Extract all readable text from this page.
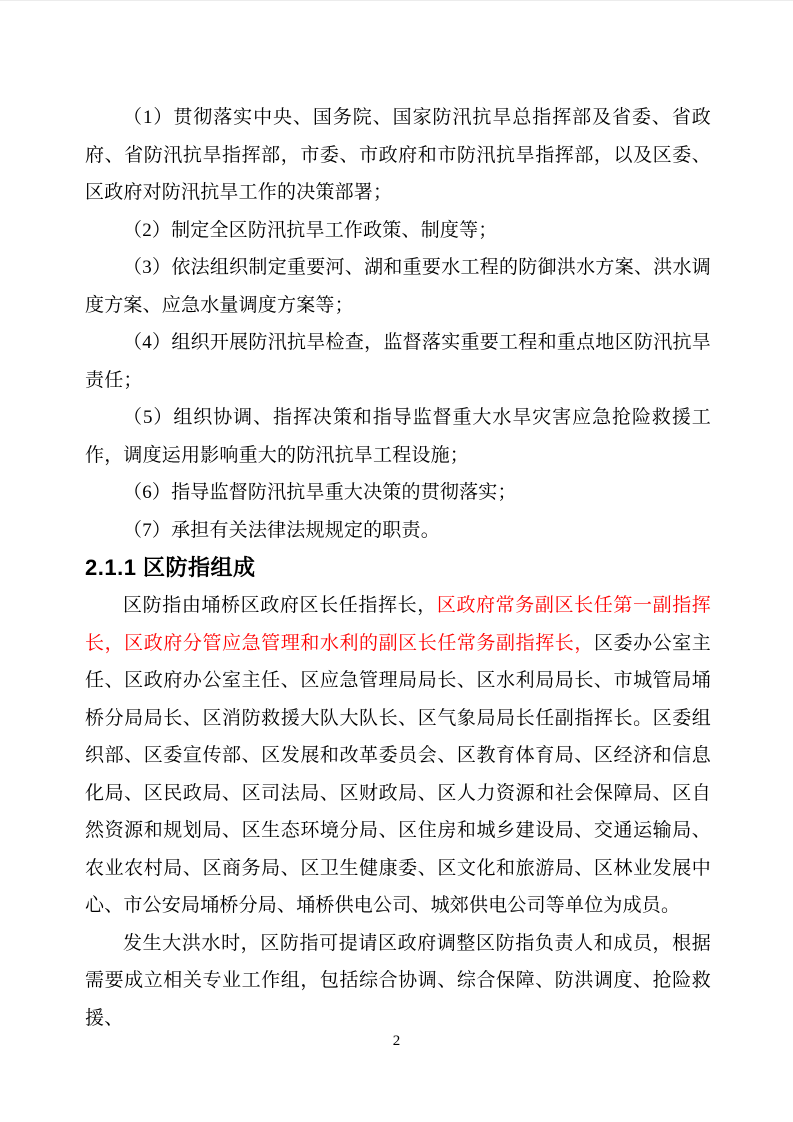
（1）贯彻落实中央、国务院、国家防汛抗旱总指挥部及省委、省政府、省防汛抗旱指挥部，市委、市政府和市防汛抗旱指挥部，以及区委、区政府对防汛抗旱工作的决策部署；

（2）制定全区防汛抗旱工作政策、制度等；

（3）依法组织制定重要河、湖和重要水工程的防御洪水方案、洪水调度方案、应急水量调度方案等；

（4）组织开展防汛抗旱检查，监督落实重要工程和重点地区防汛抗旱责任；

（5）组织协调、指挥决策和指导监督重大水旱灾害应急抢险救援工作，调度运用影响重大的防汛抗旱工程设施；

（6）指导监督防汛抗旱重大决策的贯彻落实；

（7）承担有关法律法规规定的职责。

2.1.1 区防指组成

区防指由埇桥区政府区长任指挥长，区政府常务副区长任第一副指挥长，区政府分管应急管理和水利的副区长任常务副指挥长，区委办公室主任、区政府办公室主任、区应急管理局局长、区水利局局长、市城管局埇桥分局局长、区消防救援大队大队长、区气象局局长任副指挥长。区委组织部、区委宣传部、区发展和改革委员会、区教育体育局、区经济和信息化局、区民政局、区司法局、区财政局、区人力资源和社会保障局、区自然资源和规划局、区生态环境分局、区住房和城乡建设局、交通运输局、农业农村局、区商务局、区卫生健康委、区文化和旅游局、区林业发展中心、市公安局埇桥分局、埇桥供电公司、城郊供电公司等单位为成员。

发生大洪水时，区防指可提请区政府调整区防指负责人和成员，根据需要成立相关专业工作组，包括综合协调、综合保障、防洪调度、抢险救援、

2
